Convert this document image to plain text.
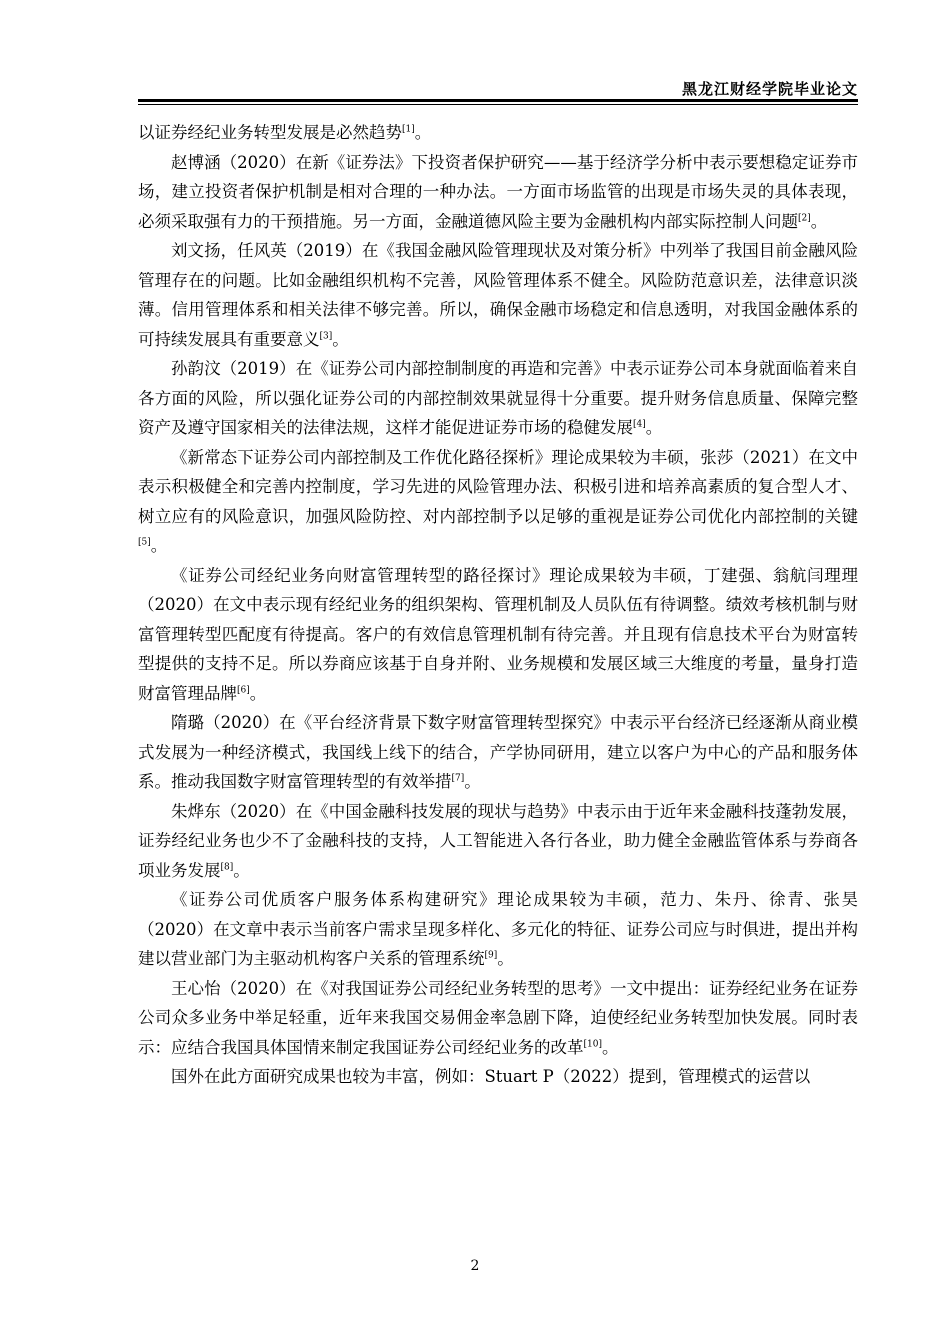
黑龙江财经学院毕业论文

以证券经纪业务转型发展是必然趋势[1]。

赵博涵（2020）在新《证券法》下投资者保护研究——基于经济学分析中表示要想稳定证券市场，建立投资者保护机制是相对合理的一种办法。一方面市场监管的出现是市场失灵的具体表现，必须采取强有力的干预措施。另一方面，金融道德风险主要为金融机构内部实际控制人问题[2]。

刘文扬，任风英（2019）在《我国金融风险管理现状及对策分析》中列举了我国目前金融风险管理存在的问题。比如金融组织机构不完善，风险管理体系不健全。风险防范意识差，法律意识淡薄。信用管理体系和相关法律不够完善。所以，确保金融市场稳定和信息透明，对我国金融体系的可持续发展具有重要意义[3]。

孙韵汶（2019）在《证券公司内部控制制度的再造和完善》中表示证券公司本身就面临着来自各方面的风险，所以强化证券公司的内部控制效果就显得十分重要。提升财务信息质量、保障完整资产及遵守国家相关的法律法规，这样才能促进证券市场的稳健发展[4]。

《新常态下证券公司内部控制及工作优化路径探析》理论成果较为丰硕，张莎（2021）在文中表示积极健全和完善内控制度，学习先进的风险管理办法、积极引进和培养高素质的复合型人才、树立应有的风险意识，加强风险防控、对内部控制予以足够的重视是证券公司优化内部控制的关键[5]。

《证券公司经纪业务向财富管理转型的路径探讨》理论成果较为丰硕，丁建强、翁航闫理理（2020）在文中表示现有经纪业务的组织架构、管理机制及人员队伍有待调整。绩效考核机制与财富管理转型匹配度有待提高。客户的有效信息管理机制有待完善。并且现有信息技术平台为财富转型提供的支持不足。所以券商应该基于自身并附、业务规模和发展区域三大维度的考量，量身打造财富管理品牌[6]。

隋璐（2020）在《平台经济背景下数字财富管理转型探究》中表示平台经济已经逐渐从商业模式发展为一种经济模式，我国线上线下的结合，产学协同研用，建立以客户为中心的产品和服务体系。推动我国数字财富管理转型的有效举措[7]。

朱烨东（2020）在《中国金融科技发展的现状与趋势》中表示由于近年来金融科技蓬勃发展，证券经纪业务也少不了金融科技的支持，人工智能进入各行各业，助力健全金融监管体系与券商各项业务发展[8]。

《证券公司优质客户服务体系构建研究》理论成果较为丰硕，范力、朱丹、徐青、张昊（2020）在文章中表示当前客户需求呈现多样化、多元化的特征、证券公司应与时俱进，提出并构建以营业部门为主驱动机构客户关系的管理系统[9]。

王心怡（2020）在《对我国证券公司经纪业务转型的思考》一文中提出：证券经纪业务在证券公司众多业务中举足轻重，近年来我国交易佣金率急剧下降，迫使经纪业务转型加快发展。同时表示：应结合我国具体国情来制定我国证券公司经纪业务的改革[10]。

国外在此方面研究成果也较为丰富，例如：Stuart P（2022）提到，管理模式的运营以

2
